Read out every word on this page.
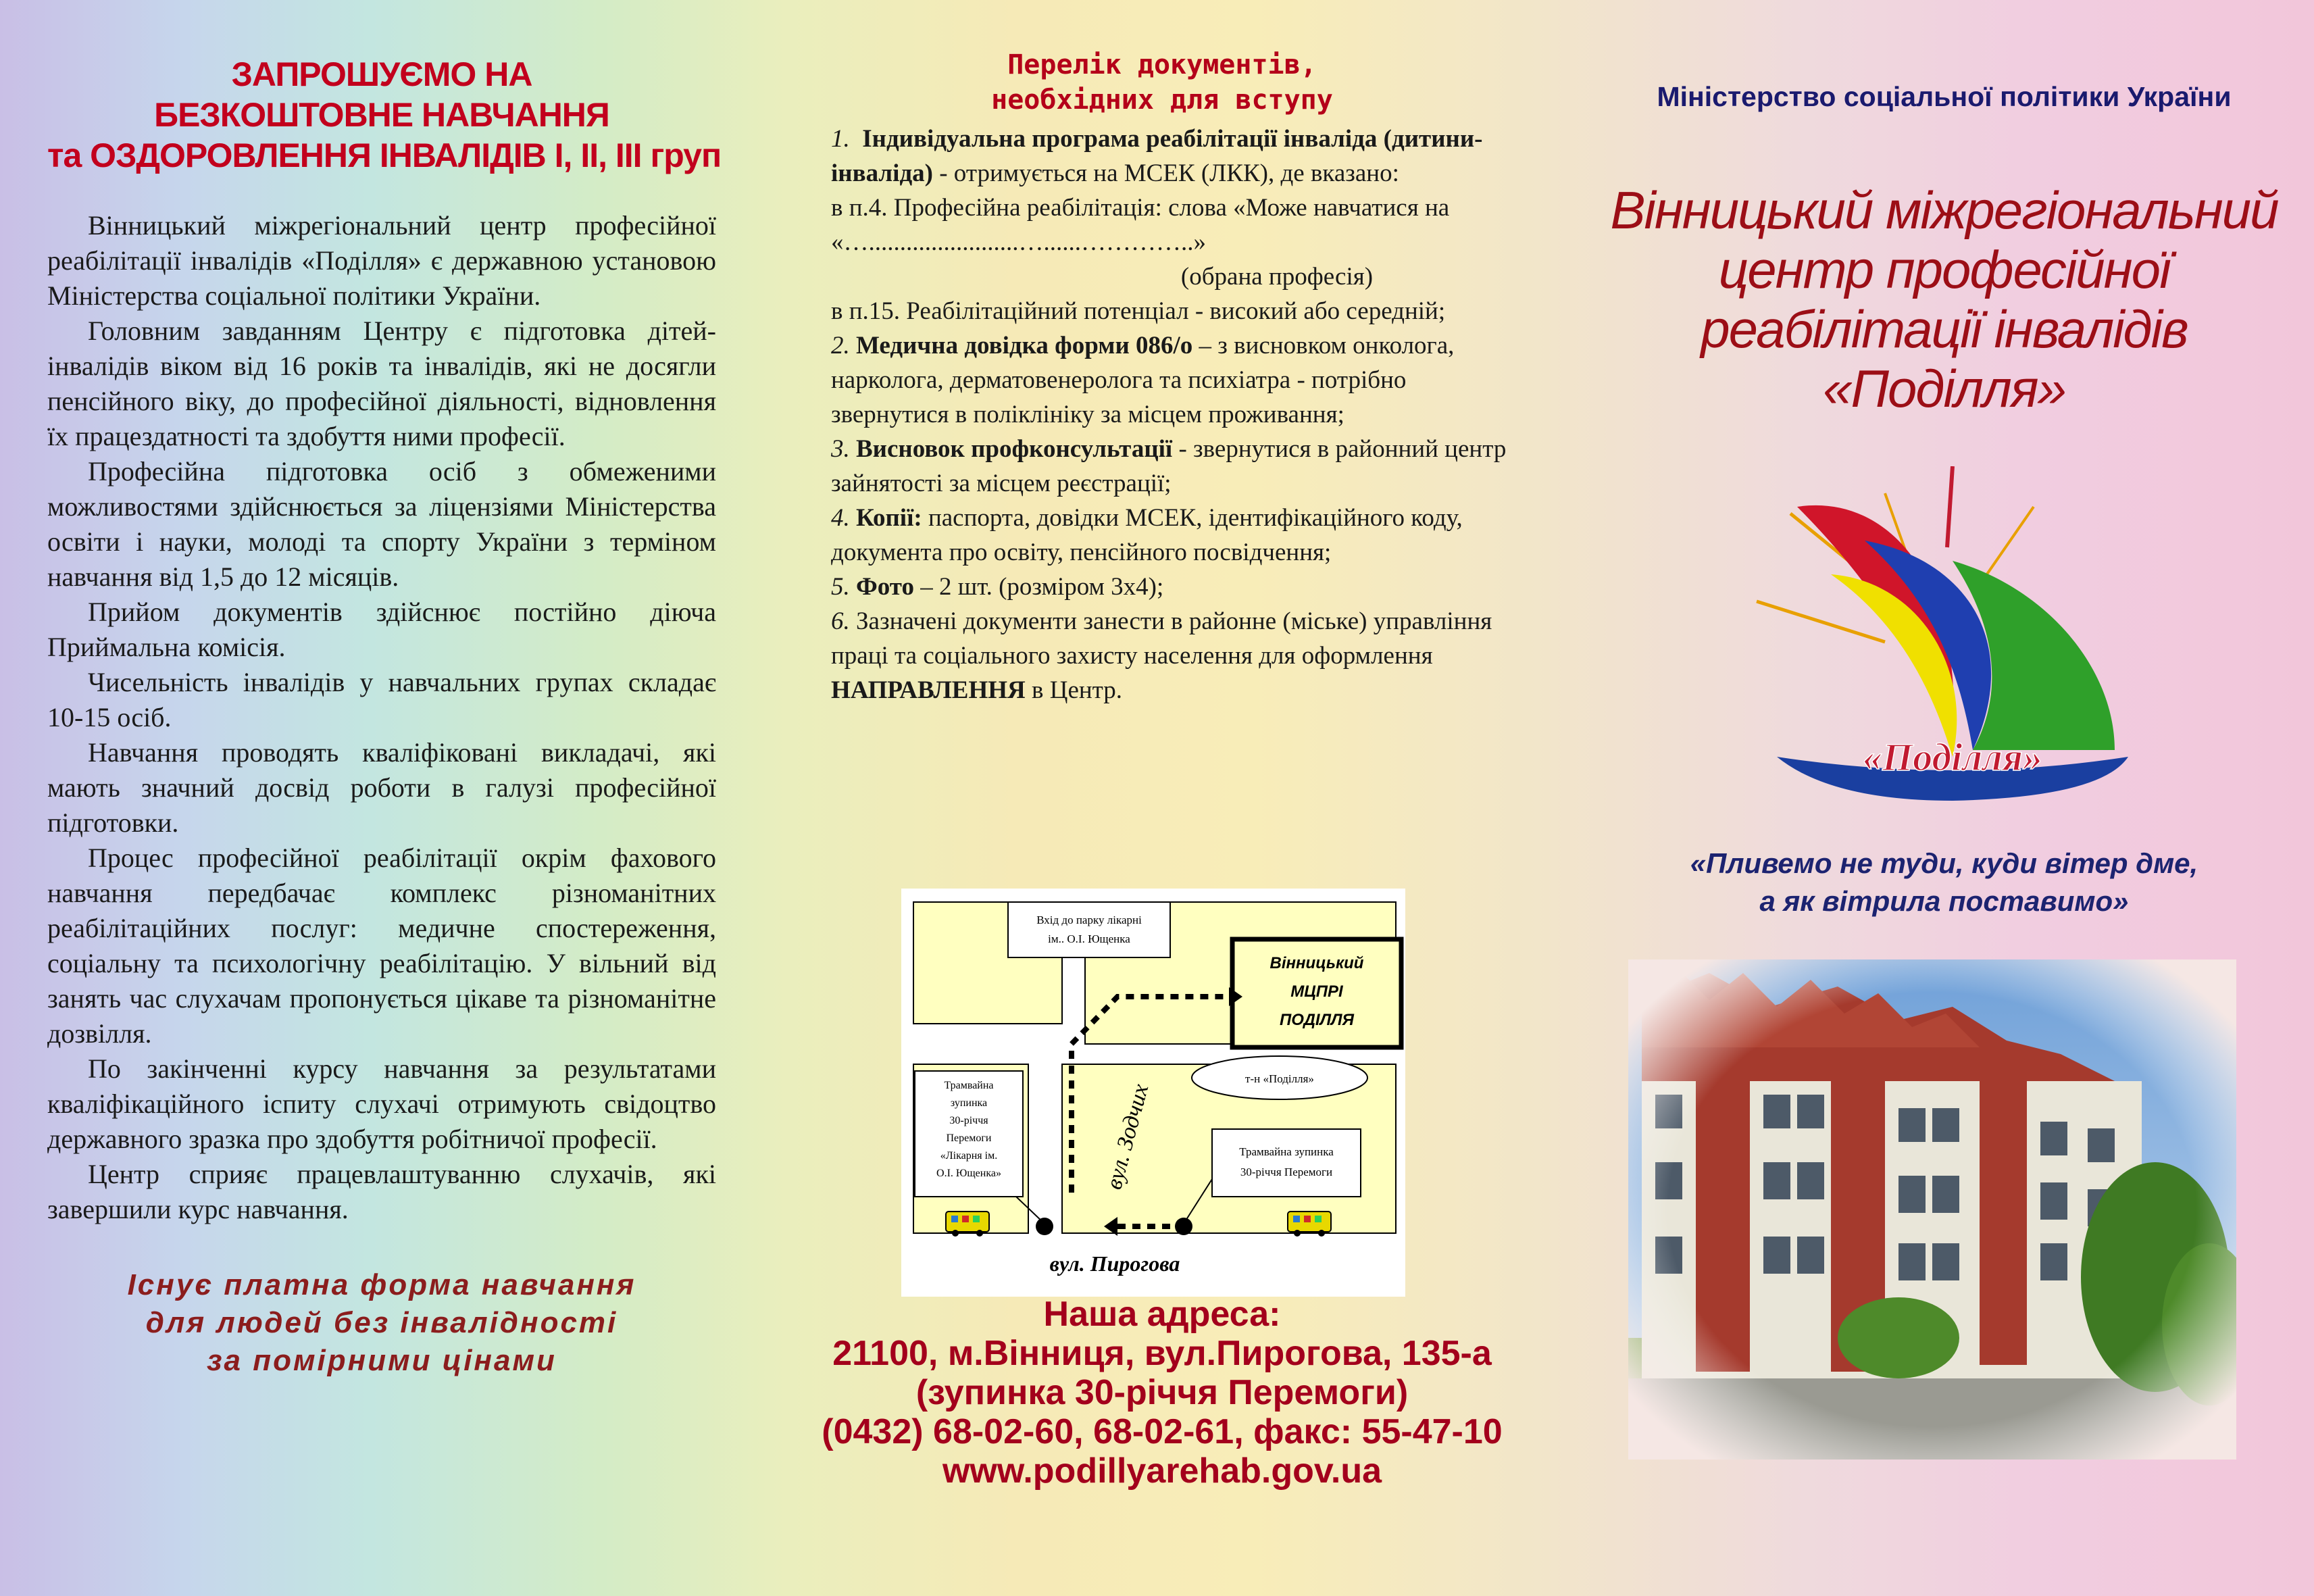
ЗАПРОШУЄМО НА
БЕЗКОШТОВНЕ НАВЧАННЯ
та ОЗДОРОВЛЕННЯ ІНВАЛІДІВ І, ІІ, ІІІ груп

Вінницький міжрегіональний центр професійної реабілітації інвалідів «Поділля» є державною установою Міністерства соціальної політики України.

Головним завданням Центру є підготовка дітей-інвалідів віком від 16 років та інвалідів, які не досягли пенсійного віку, до професійної діяльності, відновлення їх працездатності та здобуття ними професії.

Професійна підготовка осіб з обмеженими можливостями здійснюється за ліцензіями Міністерства освіти і науки, молоді та спорту України з терміном навчання від 1,5 до 12 місяців.

Прийом документів здійснює постійно діюча Приймальна комісія.

Чисельність інвалідів у навчальних групах складає 10-15 осіб.

Навчання проводять кваліфіковані викладачі, які мають значний досвід роботи в галузі професійної підготовки.

Процес професійної реабілітації окрім фахового навчання передбачає комплекс різноманітних реабілітаційних послуг: медичне спостереження, соціальну та психологічну реабілітацію. У вільний від занять час слухачам пропонується цікаве та різноманітне дозвілля.

По закінченні курсу навчання за результатами кваліфікаційного іспиту слухачі отримують свідоцтво державного зразка про здобуття робітничої професії.

Центр сприяє працевлаштуванню слухачів, які завершили курс навчання.

Існує платна форма навчання
для людей без інвалідності
за помірними цінами
Перелік документів,
необхідних для вступу

1. Індивідуальна програма реабілітації інваліда (дитини-інваліда) - отримується на МСЕК (ЛКК), де вказано:

в п.4. Професійна реабілітація: слова «Може навчатися на «…........................…......…………..»

(обрана професія)

в п.15. Реабілітаційний потенціал - високий або середній;

2. Медична довідка форми 086/о – з висновком онколога, нарколога, дерматовенеролога та психіатра - потрібно звернутися в поліклініку за місцем проживання;

3. Висновок профконсультації - звернутися в районний центр зайнятості за місцем реєстрації;

4. Копії: паспорта, довідки МСЕК, ідентифікаційного коду, документа про освіту, пенсійного посвідчення;

5. Фото – 2 шт. (розміром 3х4);

6. Зазначені документи занести в районне (міське) управління праці та соціального захисту населення для оформлення НАПРАВЛЕННЯ в Центр.

Вхід до парку лікарні
ім.. О.І. Ющенка
Вінницький
МЦПРІ
ПОДІЛЛЯ
т-н «Поділля»
вул. Зодчих
Трамвайна
зупинка
30-річчя
Перемоги
«Лікарня ім.
О.І. Ющенка»
Трамвайна зупинка
30-річчя Перемоги
вул. Пирогова
Наша адреса:
21100, м.Вінниця, вул.Пирогова, 135-а
(зупинка 30-річчя Перемоги)
(0432) 68-02-60, 68-02-61, факс: 55-47-10
www.podillyarehab.gov.ua
Міністерство соціальної політики України
Вінницький міжрегіональний
центр професійної
реабілітації інвалідів
«Поділля»
«Поділля»
«Пливемо не туди, куди вітер дме,
а як вітрила поставимо»
